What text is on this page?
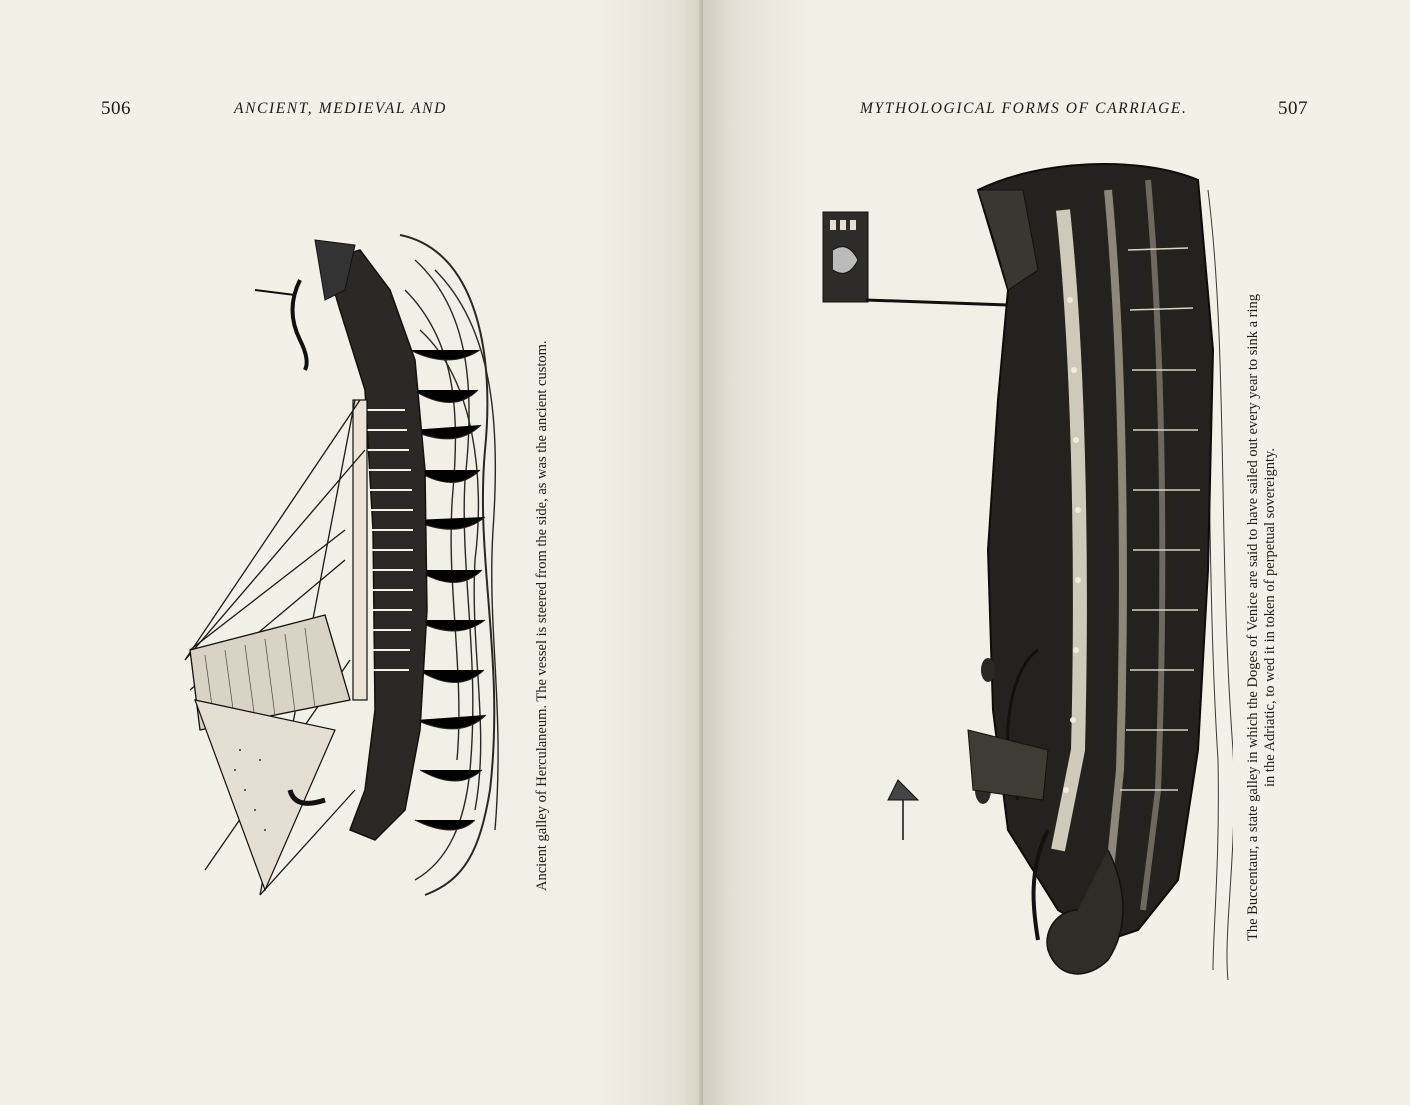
506	ANCIENT, MEDIEVAL AND
Ancient galley of Herculaneum. The vessel is steered from the side, as was the ancient custom.
MYTHOLOGICAL FORMS OF CARRIAGE.	507
The Buccentaur, a state galley in which the Doges of Venice are said to have sailed out every year to sink a ring in the Adriatic, to wed it in token of perpetual sovereignty.
